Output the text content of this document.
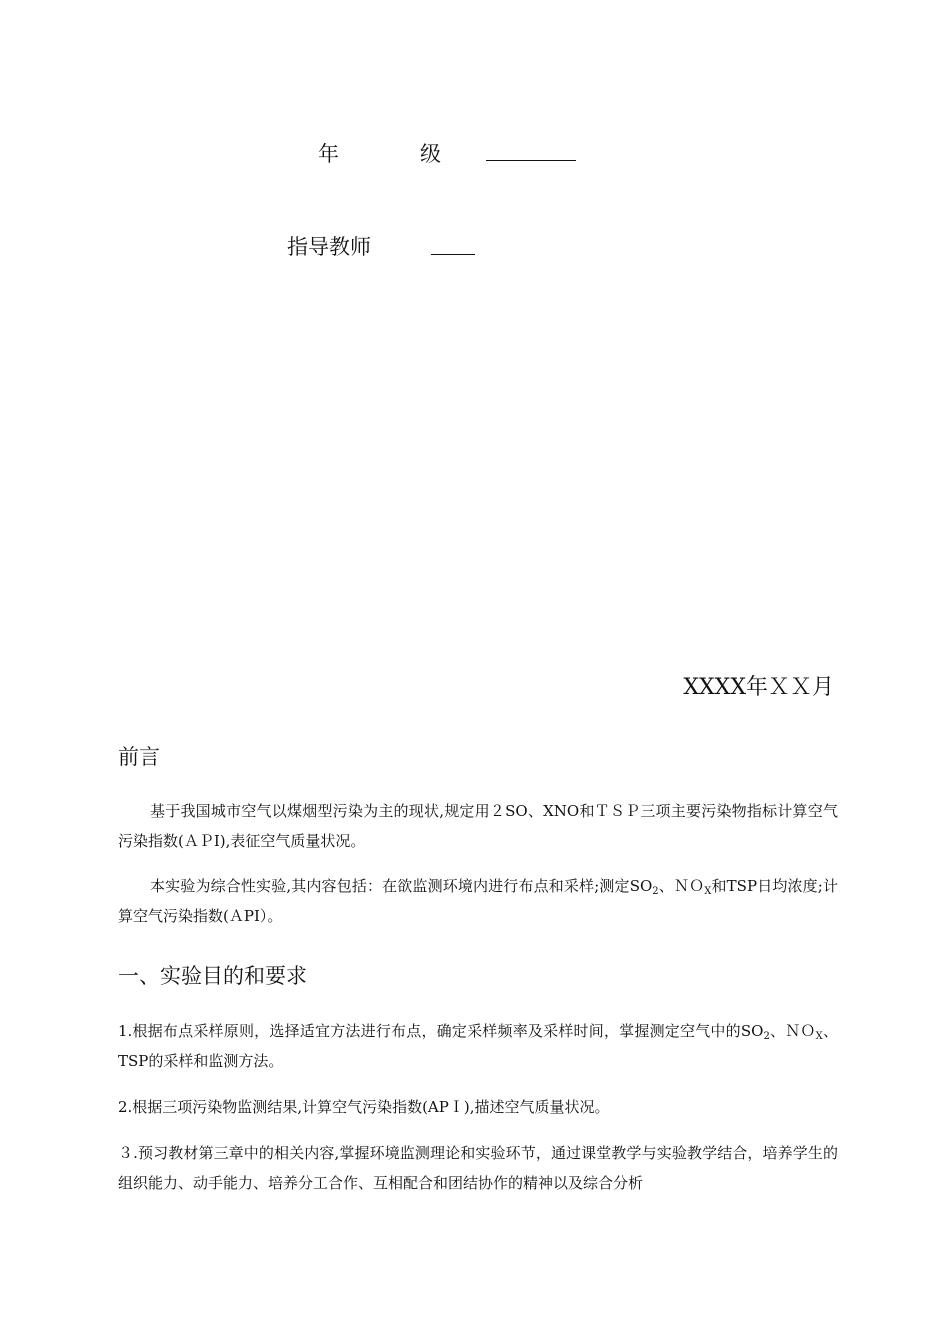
年	级
指导教师
XXXX年ＸＸ月
前言

基于我国城市空气以煤烟型污染为主的现状,规定用２SO、XNO和ＴＳＰ三项主要污染物指标计算空气污染指数(ＡＰI),表征空气质量状况。

本实验为综合性实验,其内容包括：在欲监测环境内进行布点和采样;测定$SO_2$、ＮＯ$_X$和TSP日均浓度;计算空气污染指数(ＡPI）。

一、实验目的和要求

1.根据布点采样原则，选择适宜方法进行布点，确定采样频率及采样时间，掌握测定空气中的$SO_2$、ＮＯ$_X$、TSP的采样和监测方法。

2.根据三项污染物监测结果,计算空气污染指数(APＩ),描述空气质量状况。

３.预习教材第三章中的相关内容,掌握环境监测理论和实验环节，通过课堂教学与实验教学结合，培养学生的组织能力、动手能力、培养分工合作、互相配合和团结协作的精神以及综合分析
